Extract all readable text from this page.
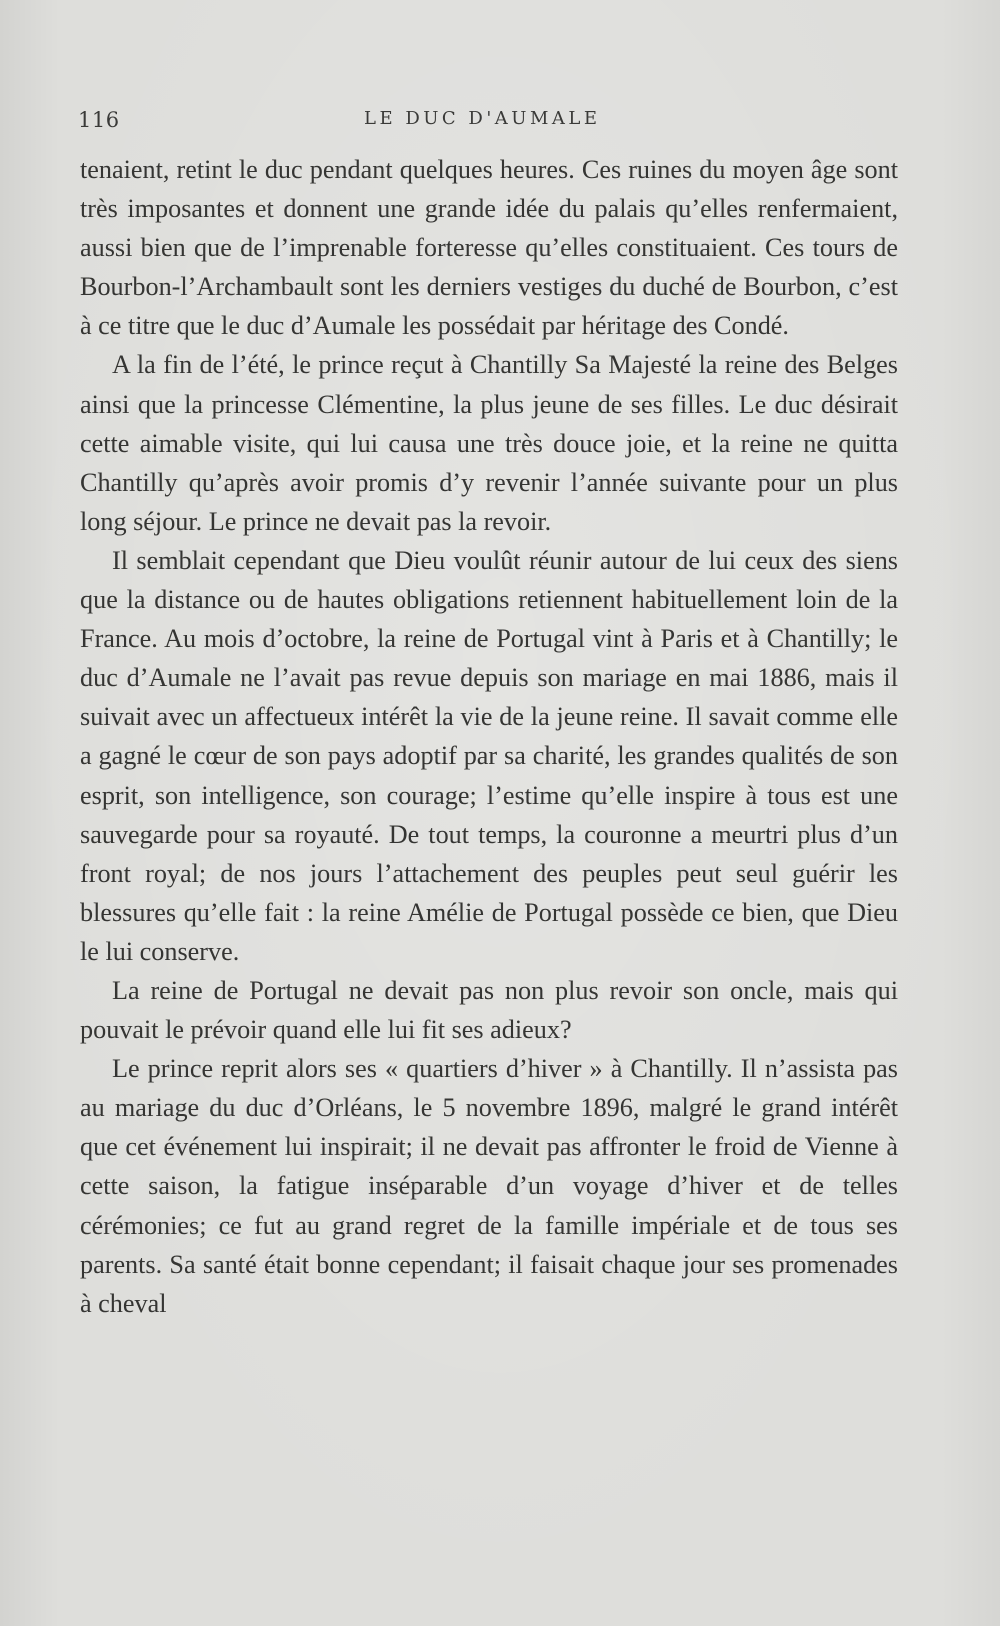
116	LE DUC D'AUMALE

tenaient, retint le duc pendant quelques heures. Ces ruines du moyen âge sont très imposantes et donnent une grande idée du palais qu’elles renfermaient, aussi bien que de l’imprenable forteresse qu’elles constituaient. Ces tours de Bourbon-l’Archambault sont les derniers vestiges du duché de Bourbon, c’est à ce titre que le duc d’Aumale les possédait par héritage des Condé.

A la fin de l’été, le prince reçut à Chantilly Sa Majesté la reine des Belges ainsi que la princesse Clémentine, la plus jeune de ses filles. Le duc désirait cette aimable visite, qui lui causa une très douce joie, et la reine ne quitta Chantilly qu’après avoir promis d’y revenir l’année suivante pour un plus long séjour. Le prince ne devait pas la revoir.

Il semblait cependant que Dieu voulût réunir autour de lui ceux des siens que la distance ou de hautes obligations retiennent habituellement loin de la France. Au mois d’octobre, la reine de Portugal vint à Paris et à Chantilly; le duc d’Aumale ne l’avait pas revue depuis son mariage en mai 1886, mais il suivait avec un affectueux intérêt la vie de la jeune reine. Il savait comme elle a gagné le cœur de son pays adoptif par sa charité, les grandes qualités de son esprit, son intelligence, son courage; l’estime qu’elle inspire à tous est une sauvegarde pour sa royauté. De tout temps, la couronne a meurtri plus d’un front royal; de nos jours l’attachement des peuples peut seul guérir les blessures qu’elle fait : la reine Amélie de Portugal possède ce bien, que Dieu le lui conserve.

La reine de Portugal ne devait pas non plus revoir son oncle, mais qui pouvait le prévoir quand elle lui fit ses adieux?

Le prince reprit alors ses « quartiers d’hiver » à Chantilly. Il n’assista pas au mariage du duc d’Orléans, le 5 novembre 1896, malgré le grand intérêt que cet événement lui inspirait; il ne devait pas affronter le froid de Vienne à cette saison, la fatigue inséparable d’un voyage d’hiver et de telles cérémonies; ce fut au grand regret de la famille impériale et de tous ses parents. Sa santé était bonne cependant; il faisait chaque jour ses promenades à cheval
